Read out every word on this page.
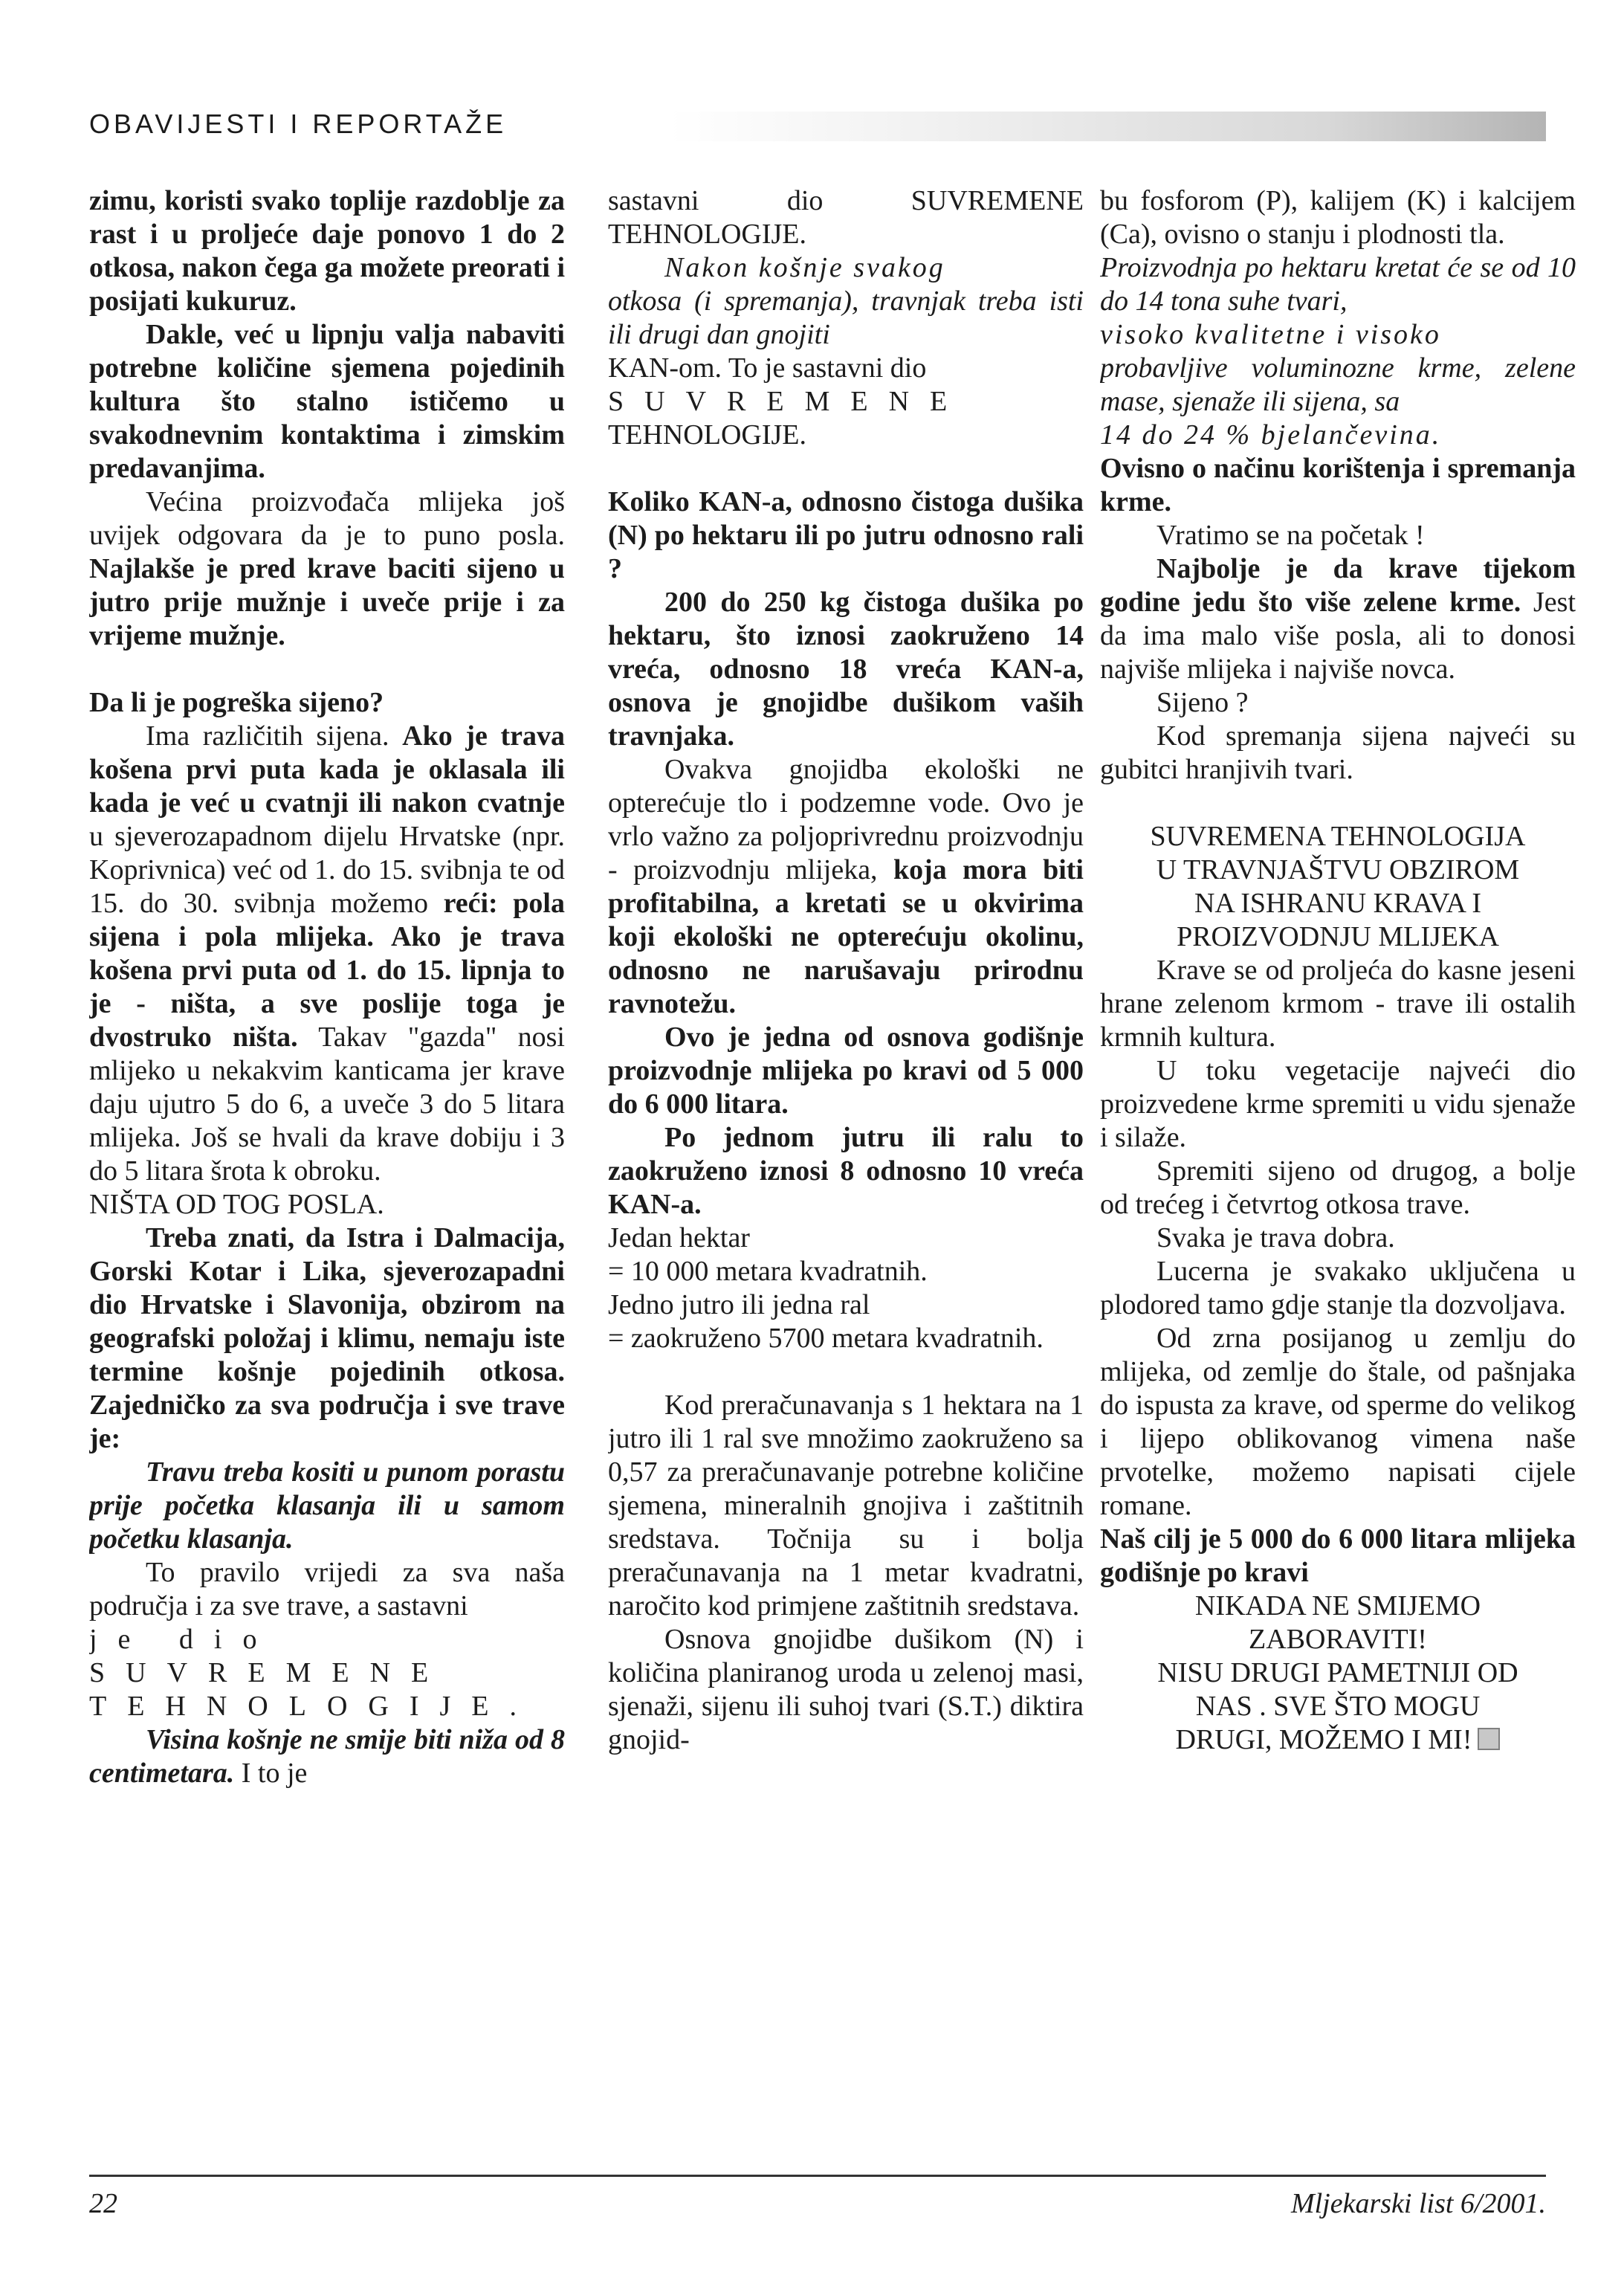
OBAVIJESTI I REPORTAŽE

zimu, koristi svako toplije razdoblje za rast i u proljeće daje ponovo 1 do 2 otkosa, nakon čega ga možete preorati i posijati kukuruz.

Dakle, već u lipnju valja nabaviti potrebne količine sjemena pojedinih kultura što stalno ističemo u svakodnevnim kontaktima i zimskim predavanjima.

Većina proizvođača mlijeka još uvijek odgovara da je to puno posla. Najlakše je pred krave baciti sijeno u jutro prije mužnje i uveče prije i za vrijeme mužnje.

Da li je pogreška sijeno?

Ima različitih sijena. Ako je trava košena prvi puta kada je oklasala ili kada je već u cvatnji ili nakon cvatnje u sjeverozapadnom dijelu Hrvatske (npr. Koprivnica) već od 1. do 15. svibnja te od 15. do 30. svibnja možemo reći: pola sijena i pola mlijeka. Ako je trava košena prvi puta od 1. do 15. lipnja to je - ništa, a sve poslije toga je dvostruko ništa. Takav "gazda" nosi mlijeko u nekakvim kanticama jer krave daju ujutro 5 do 6, a uveče 3 do 5 litara mlijeka. Još se hvali da krave dobiju i 3 do 5 litara šrota k obroku.

NIŠTA OD TOG POSLA.

Treba znati, da Istra i Dalmacija, Gorski Kotar i Lika, sjeverozapadni dio Hrvatske i Slavonija, obzirom na geografski položaj i klimu, nemaju iste termine košnje pojedinih otkosa. Zajedničko za sva područja i sve trave je:

Travu treba kositi u punom porastu prije početka klasanja ili u samom početku klasanja.

To pravilo vrijedi za sva naša područja i za sve trave, a sastavni

je dio SUVREMENE TEHNOLOGIJE.

Visina košnje ne smije biti niža od 8 centimetara. I to je

sastavni dio SUVREMENE TEHNOLOGIJE.

Nakon košnje svakog

otkosa (i spremanja), travnjak treba isti ili drugi dan gnojiti

KAN-om. To je sastavni dio

SUVREMENE

TEHNOLOGIJE.

Koliko KAN-a, odnosno čistoga dušika (N) po hektaru ili po jutru odnosno rali ?

200 do 250 kg čistoga dušika po hektaru, što iznosi zaokruženo 14 vreća, odnosno 18 vreća KAN-a, osnova je gnojidbe dušikom vaših travnjaka.

Ovakva gnojidba ekološki ne opterećuje tlo i podzemne vode. Ovo je vrlo važno za poljoprivrednu proizvodnju - proizvodnju mlijeka, koja mora biti profitabilna, a kretati se u okvirima koji ekološki ne opterećuju okolinu, odnosno ne narušavaju prirodnu ravnotežu.

Ovo je jedna od osnova godišnje proizvodnje mlijeka po kravi od 5 000 do 6 000 litara.

Po jednom jutru ili ralu to zaokruženo iznosi 8 odnosno 10 vreća KAN-a.

Jedan hektar

= 10 000 metara kvadratnih.

Jedno jutro ili jedna ral

= zaokruženo 5700 metara kvadratnih.

Kod preračunavanja s 1 hektara na 1 jutro ili 1 ral sve množimo zaokruženo sa 0,57 za preračunavanje potrebne količine sjemena, mineralnih gnojiva i zaštitnih sredstava. Točnija su i bolja preračunavanja na 1 metar kvadratni, naročito kod primjene zaštitnih sredstava.

Osnova gnojidbe dušikom (N) i količina planiranog uroda u zelenoj masi, sjenaži, sijenu ili suhoj tvari (S.T.) diktira gnojid-

bu fosforom (P), kalijem (K) i kalcijem (Ca), ovisno o stanju i plodnosti tla.

Proizvodnja po hektaru kretat će se od 10 do 14 tona suhe tvari,

visoko kvalitetne i visoko

probavljive voluminozne krme, zelene mase, sjenaže ili sijena, sa

14 do 24 % bjelančevina.

Ovisno o načinu korištenja i spremanja krme.

Vratimo se na početak !

Najbolje je da krave tijekom godine jedu što više zelene krme. Jest da ima malo više posla, ali to donosi najviše mlijeka i najviše novca.

Sijeno ?

Kod spremanja sijena najveći su gubitci hranjivih tvari.

SUVREMENA TEHNOLOGIJA

U TRAVNJAŠTVU OBZIROM

NA ISHRANU KRAVA I

PROIZVODNJU MLIJEKA

Krave se od proljeća do kasne jeseni hrane zelenom krmom - trave ili ostalih krmnih kultura.

U toku vegetacije najveći dio proizvedene krme spremiti u vidu sjenaže i silaže.

Spremiti sijeno od drugog, a bolje od trećeg i četvrtog otkosa trave.

Svaka je trava dobra.

Lucerna je svakako uključena u plodored tamo gdje stanje tla dozvoljava.

Od zrna posijanog u zemlju do mlijeka, od zemlje do štale, od pašnjaka do ispusta za krave, od sperme do velikog i lijepo oblikovanog vimena naše prvotelke, možemo napisati cijele romane.

Naš cilj je 5 000 do 6 000 litara mlijeka godišnje po kravi

NIKADA NE SMIJEMO

ZABORAVITI!

NISU DRUGI PAMETNIJI OD

NAS . SVE ŠTO MOGU

DRUGI, MOŽEMO I MI!

22	Mljekarski list 6/2001.
